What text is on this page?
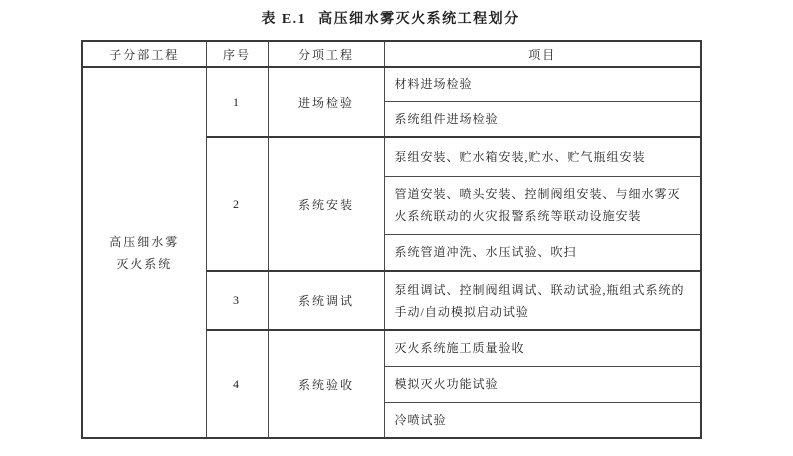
表 E.1 高压细水雾灭火系统工程划分
子分部工程	序号	分项工程	项目

高压细水雾
灭火系统	1	进场检验	材料进场检验
			系统组件进场检验
	2	系统安装	泵组安装、贮水箱安装,贮水、贮气瓶组安装
			管道安装、喷头安装、控制阀组安装、与细水雾灭火系统联动的火灾报警系统等联动设施安装
			系统管道冲洗、水压试验、吹扫
	3	系统调试	泵组调试、控制阀组调试、联动试验,瓶组式系统的手动/自动模拟启动试验
	4	系统验收	灭火系统施工质量验收
			模拟灭火功能试验
			冷喷试验
